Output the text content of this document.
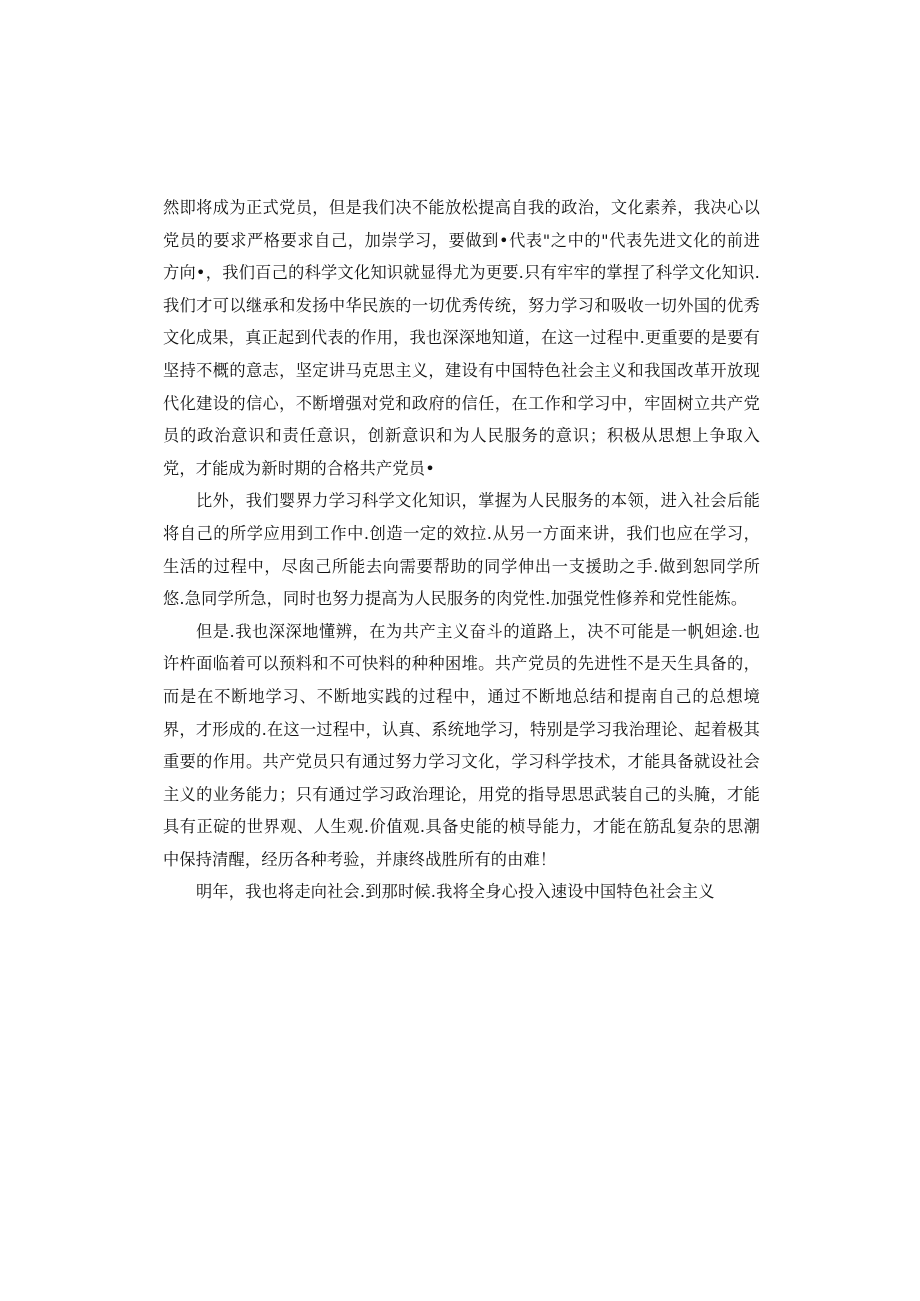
然即将成为正式党员，但是我们决不能放松提高自我的政治，文化素养，我决心以党员的要求严格要求自己，加崇学习，要做到•代表"之中的"代表先进文化的前进方向•，我们百己的科学文化知识就显得尤为更要.只有牢牢的掌捏了科学文化知识.我们才可以继承和发扬中华民族的一切优秀传统，努力学习和吸收一切外国的优秀文化成果，真正起到代表的作用，我也深深地知道，在这一过程中.更重要的是要有坚持不概的意志，坚定讲马克思主义，建设有中国特色社会主义和我国改革开放现代化建设的信心，不断增强对党和政府的信任，在工作和学习中，牢固树立共产党员的政治意识和责任意识，创新意识和为人民服务的意识；积极从思想上争取入党，才能成为新时期的合格共产党员•

比外，我们婴界力学习科学文化知识，掌握为人民服务的本领，进入社会后能将自己的所学应用到工作中.创造一定的效拉.从另一方面来讲，我们也应在学习，生活的过程中，尽囱己所能去向需要帮助的同学伸出一支援助之手.做到恕同学所悠.急同学所急，同时也努力提高为人民服务的肉党性.加强党性修养和党性能炼。

但是.我也深深地懂辨，在为共产主义奋斗的道路上，决不可能是一帆妲途.也许杵面临着可以预料和不可快料的种种困堆。共产党员的先进性不是天生具备的，而是在不断地学习、不断地实践的过程中，通过不断地总结和提南自己的总想境界，才形成的.在这一过程中，认真、系统地学习，特别是学习我治理论、起着极其重要的作用。共产党员只有通过努力学习文化，学习科学技术，才能具备就设社会主义的业务能力；只有通过学习政治理论，用党的指导思思武装自己的头腌，才能具有正碇的世界观、人生观.价值观.具备史能的桢导能力，才能在筋乱复杂的思潮中保持清醒，经历各种考验，并康终战胜所有的由难！

明年，我也将走向社会.到那时候.我将全身心投入速设中国特色社会主义
